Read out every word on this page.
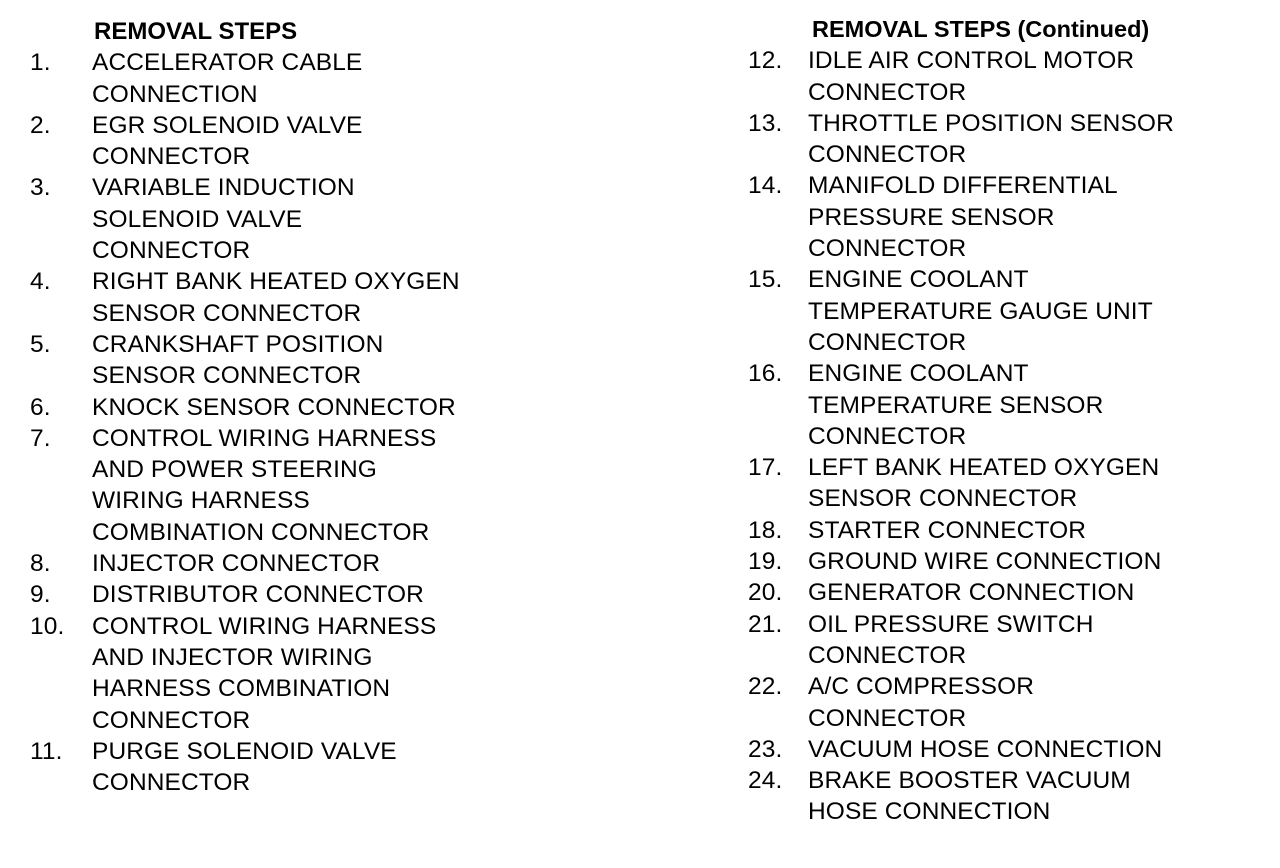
REMOVAL STEPS
1.	ACCELERATOR CABLE
CONNECTION
2.	EGR SOLENOID VALVE
CONNECTOR
3.	VARIABLE INDUCTION
SOLENOID VALVE
CONNECTOR
4.	RIGHT BANK HEATED OXYGEN
SENSOR CONNECTOR
5.	CRANKSHAFT POSITION
SENSOR CONNECTOR
6.	KNOCK SENSOR CONNECTOR
7.	CONTROL WIRING HARNESS
AND POWER STEERING
WIRING HARNESS
COMBINATION CONNECTOR
8.	INJECTOR CONNECTOR
9.	DISTRIBUTOR CONNECTOR
10.	CONTROL WIRING HARNESS
AND INJECTOR WIRING
HARNESS COMBINATION
CONNECTOR
11.	PURGE SOLENOID VALVE
CONNECTOR
REMOVAL STEPS (Continued)
12.	IDLE AIR CONTROL MOTOR
CONNECTOR
13.	THROTTLE POSITION SENSOR
CONNECTOR
14.	MANIFOLD DIFFERENTIAL
PRESSURE SENSOR
CONNECTOR
15.	ENGINE COOLANT
TEMPERATURE GAUGE UNIT
CONNECTOR
16.	ENGINE COOLANT
TEMPERATURE SENSOR
CONNECTOR
17.	LEFT BANK HEATED OXYGEN
SENSOR CONNECTOR
18.	STARTER CONNECTOR
19.	GROUND WIRE CONNECTION
20.	GENERATOR CONNECTION
21.	OIL PRESSURE SWITCH
CONNECTOR
22.	A/C COMPRESSOR
CONNECTOR
23.	VACUUM HOSE CONNECTION
24.	BRAKE BOOSTER VACUUM
HOSE CONNECTION
